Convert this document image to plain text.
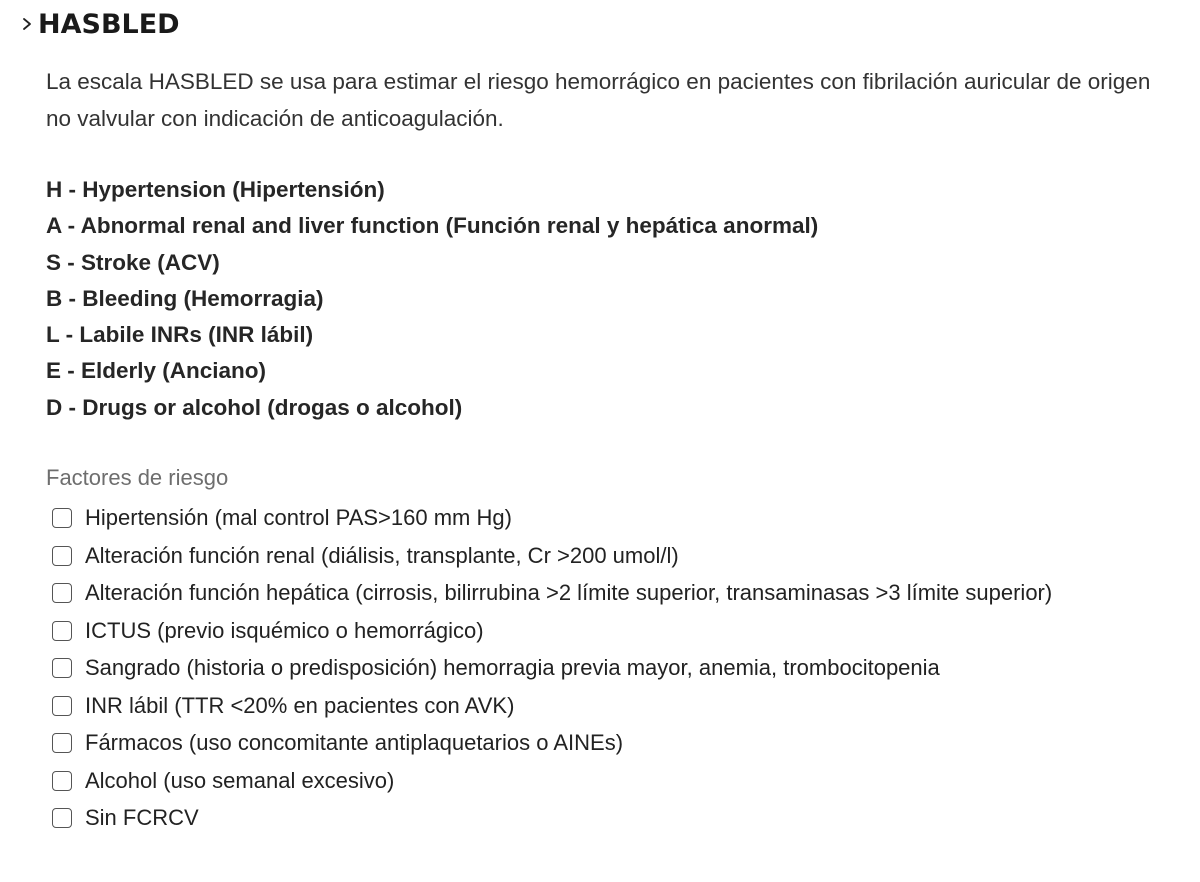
HASBLED

La escala HASBLED se usa para estimar el riesgo hemorrágico en pacientes con fibrilación auricular de origen no valvular con indicación de anticoagulación.

H - Hypertension (Hipertensión)
A - Abnormal renal and liver function (Función renal y hepática anormal)
S - Stroke (ACV)
B - Bleeding (Hemorragia)
L - Labile INRs (INR lábil)
E - Elderly (Anciano)
D - Drugs or alcohol (drogas o alcohol)
Factores de riesgo
Hipertensión (mal control PAS>160 mm Hg)
Alteración función renal (diálisis, transplante, Cr >200 umol/l)
Alteración función hepática (cirrosis, bilirrubina >2 límite superior, transaminasas >3 límite superior)
ICTUS (previo isquémico o hemorrágico)
Sangrado (historia o predisposición) hemorragia previa mayor, anemia, trombocitopenia
INR lábil (TTR <20% en pacientes con AVK)
Fármacos (uso concomitante antiplaquetarios o AINEs)
Alcohol (uso semanal excesivo)
Sin FCRCV
